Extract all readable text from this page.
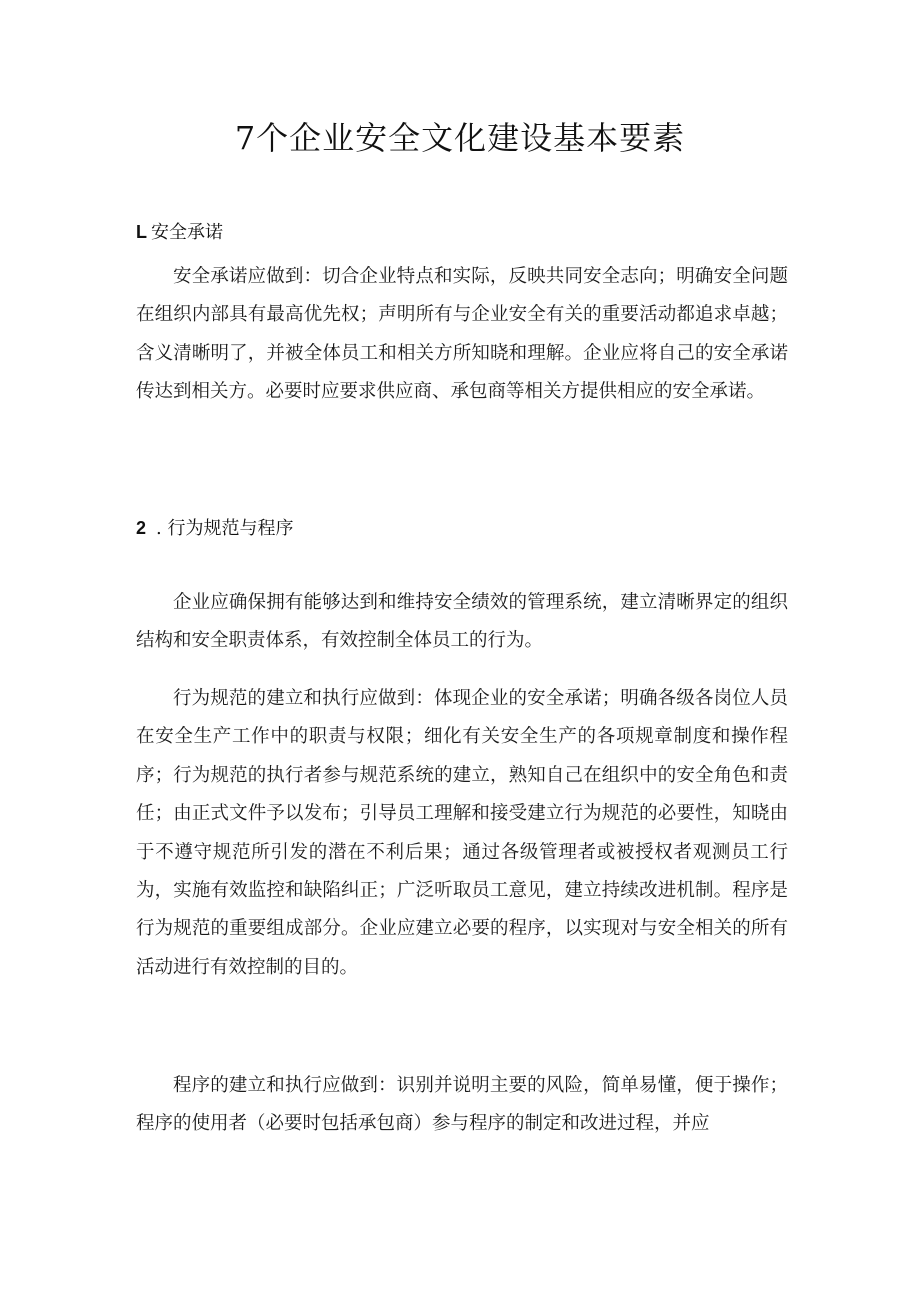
7个企业安全文化建设基本要素
L 安全承诺

安全承诺应做到：切合企业特点和实际，反映共同安全志向；明确安全问题在组织内部具有最高优先权；声明所有与企业安全有关的重要活动都追求卓越；含义清晰明了，并被全体员工和相关方所知晓和理解。企业应将自己的安全承诺传达到相关方。必要时应要求供应商、承包商等相关方提供相应的安全承诺。

2 . 行为规范与程序

企业应确保拥有能够达到和维持安全绩效的管理系统，建立清晰界定的组织结构和安全职责体系，有效控制全体员工的行为。

行为规范的建立和执行应做到：体现企业的安全承诺；明确各级各岗位人员在安全生产工作中的职责与权限；细化有关安全生产的各项规章制度和操作程序；行为规范的执行者参与规范系统的建立，熟知自己在组织中的安全角色和责任；由正式文件予以发布；引导员工理解和接受建立行为规范的必要性，知晓由于不遵守规范所引发的潜在不利后果；通过各级管理者或被授权者观测员工行为，实施有效监控和缺陷纠正；广泛听取员工意见，建立持续改进机制。程序是行为规范的重要组成部分。企业应建立必要的程序，以实现对与安全相关的所有活动进行有效控制的目的。

程序的建立和执行应做到：识别并说明主要的风险，简单易懂，便于操作；程序的使用者（必要时包括承包商）参与程序的制定和改进过程，并应
